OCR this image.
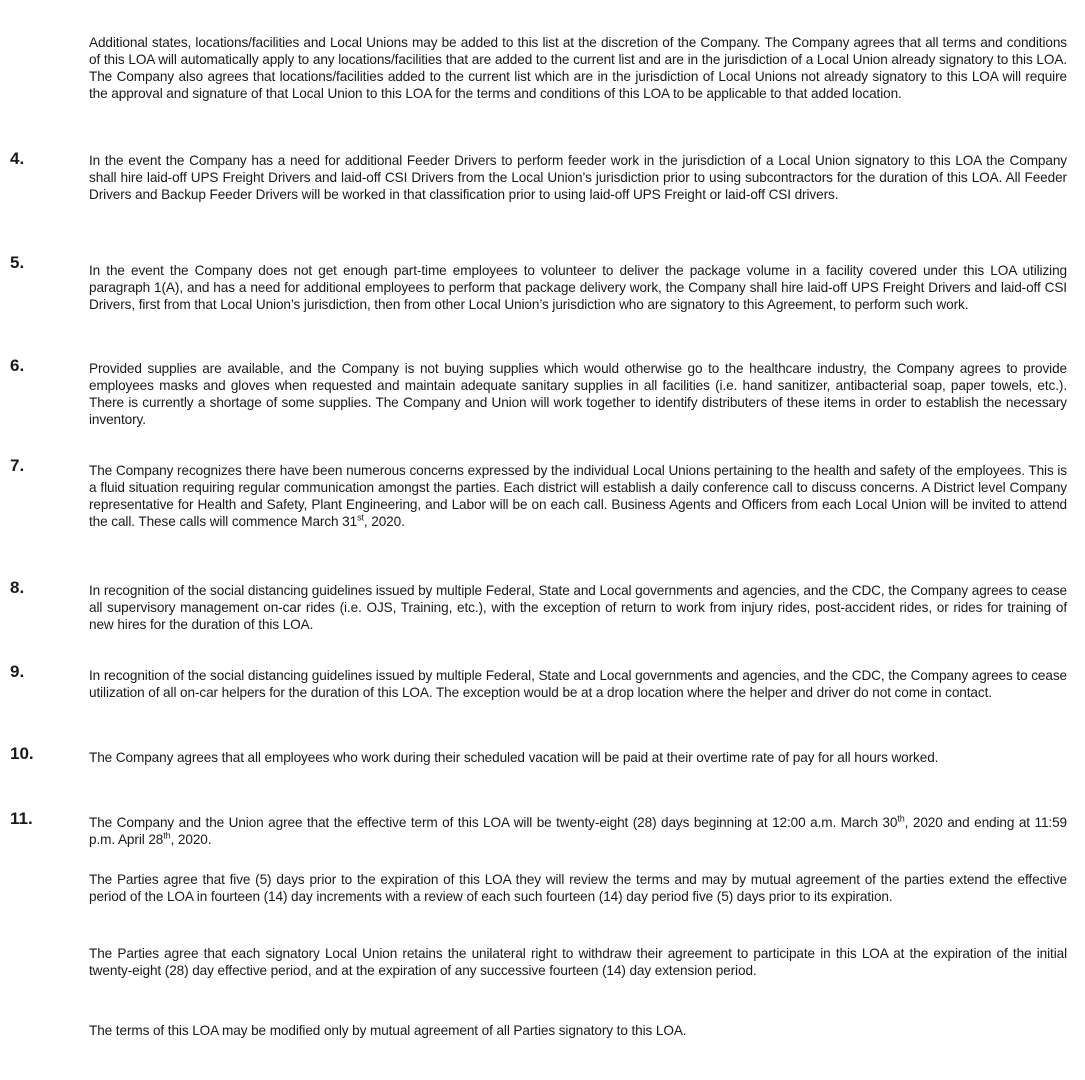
Additional states, locations/facilities and Local Unions may be added to this list at the discretion of the Company. The Company agrees that all terms and conditions of this LOA will automatically apply to any locations/facilities that are added to the current list and are in the jurisdiction of a Local Union already signatory to this LOA. The Company also agrees that locations/facilities added to the current list which are in the jurisdiction of Local Unions not already signatory to this LOA will require the approval and signature of that Local Union to this LOA for the terms and conditions of this LOA to be applicable to that added location.

4.	In the event the Company has a need for additional Feeder Drivers to perform feeder work in the jurisdiction of a Local Union signatory to this LOA the Company shall hire laid-off UPS Freight Drivers and laid-off CSI Drivers from the Local Union’s jurisdiction prior to using subcontractors for the duration of this LOA. All Feeder Drivers and Backup Feeder Drivers will be worked in that classification prior to using laid-off UPS Freight or laid-off CSI drivers.

5.	In the event the Company does not get enough part-time employees to volunteer to deliver the package volume in a facility covered under this LOA utilizing paragraph 1(A), and has a need for additional employees to perform that package delivery work, the Company shall hire laid-off UPS Freight Drivers and laid-off CSI Drivers, first from that Local Union’s jurisdiction, then from other Local Union’s jurisdiction who are signatory to this Agreement, to perform such work.

6.	Provided supplies are available, and the Company is not buying supplies which would otherwise go to the healthcare industry, the Company agrees to provide employees masks and gloves when requested and maintain adequate sanitary supplies in all facilities (i.e. hand sanitizer, antibacterial soap, paper towels, etc.). There is currently a shortage of some supplies. The Company and Union will work together to identify distributers of these items in order to establish the necessary inventory.

7.	The Company recognizes there have been numerous concerns expressed by the individual Local Unions pertaining to the health and safety of the employees. This is a fluid situation requiring regular communication amongst the parties. Each district will establish a daily conference call to discuss concerns. A District level Company representative for Health and Safety, Plant Engineering, and Labor will be on each call. Business Agents and Officers from each Local Union will be invited to attend the call. These calls will commence March 31st, 2020.

8.	In recognition of the social distancing guidelines issued by multiple Federal, State and Local governments and agencies, and the CDC, the Company agrees to cease all supervisory management on-car rides (i.e. OJS, Training, etc.), with the exception of return to work from injury rides, post-accident rides, or rides for training of new hires for the duration of this LOA.

9.	In recognition of the social distancing guidelines issued by multiple Federal, State and Local governments and agencies, and the CDC, the Company agrees to cease utilization of all on-car helpers for the duration of this LOA. The exception would be at a drop location where the helper and driver do not come in contact.

10.	The Company agrees that all employees who work during their scheduled vacation will be paid at their overtime rate of pay for all hours worked.

11.	The Company and the Union agree that the effective term of this LOA will be twenty-eight (28) days beginning at 12:00 a.m. March 30th, 2020 and ending at 11:59 p.m. April 28th, 2020.

The Parties agree that five (5) days prior to the expiration of this LOA they will review the terms and may by mutual agreement of the parties extend the effective period of the LOA in fourteen (14) day increments with a review of each such fourteen (14) day period five (5) days prior to its expiration.

The Parties agree that each signatory Local Union retains the unilateral right to withdraw their agreement to participate in this LOA at the expiration of the initial twenty-eight (28) day effective period, and at the expiration of any successive fourteen (14) day extension period.

The terms of this LOA may be modified only by mutual agreement of all Parties signatory to this LOA.
